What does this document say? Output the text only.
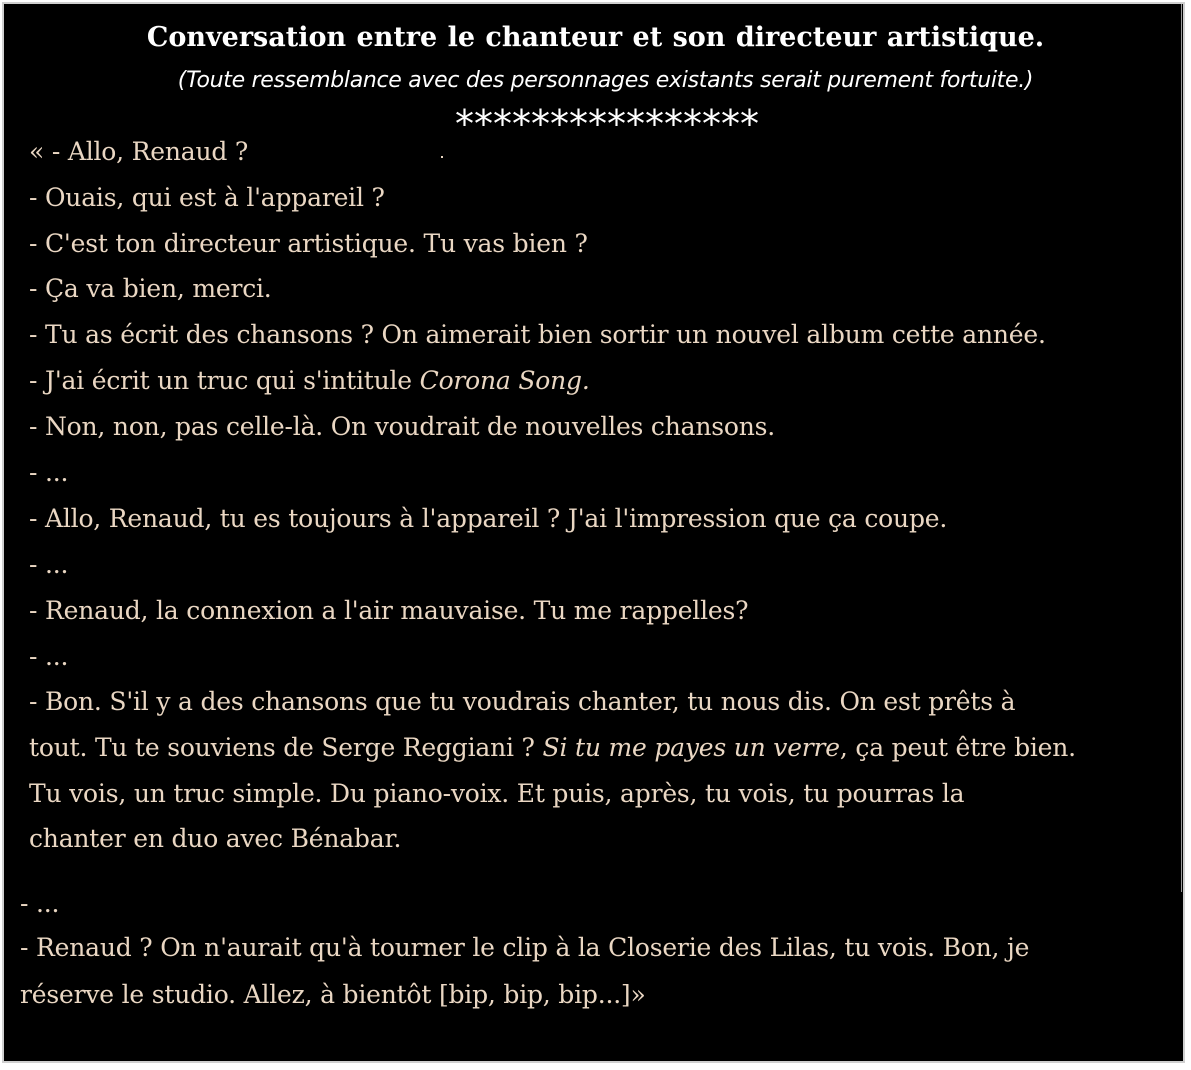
Conversation entre le chanteur et son directeur artistique.
(Toute ressemblance avec des personnages existants serait purement fortuite.)
****************
« - Allo, Renaud ?
- Ouais, qui est à l'appareil ?
- C'est ton directeur artistique. Tu vas bien ?
- Ça va bien, merci.
- Tu as écrit des chansons ? On aimerait bien sortir un nouvel album cette année.
- J'ai écrit un truc qui s'intitule Corona Song.
- Non, non, pas celle-là. On voudrait de nouvelles chansons.
- ...
- Allo, Renaud, tu es toujours à l'appareil ? J'ai l'impression que ça coupe.
- ...
- Renaud, la connexion a l'air mauvaise. Tu me rappelles?
- ...
- Bon. S'il y a des chansons que tu voudrais chanter, tu nous dis. On est prêts à
tout. Tu te souviens de Serge Reggiani ? Si tu me payes un verre, ça peut être bien.
Tu vois, un truc simple. Du piano-voix. Et puis, après, tu vois, tu pourras la
chanter en duo avec Bénabar.
- ...
- Renaud ? On n'aurait qu'à tourner le clip à la Closerie des Lilas, tu vois. Bon, je
réserve le studio. Allez, à bientôt [bip, bip, bip...]»
